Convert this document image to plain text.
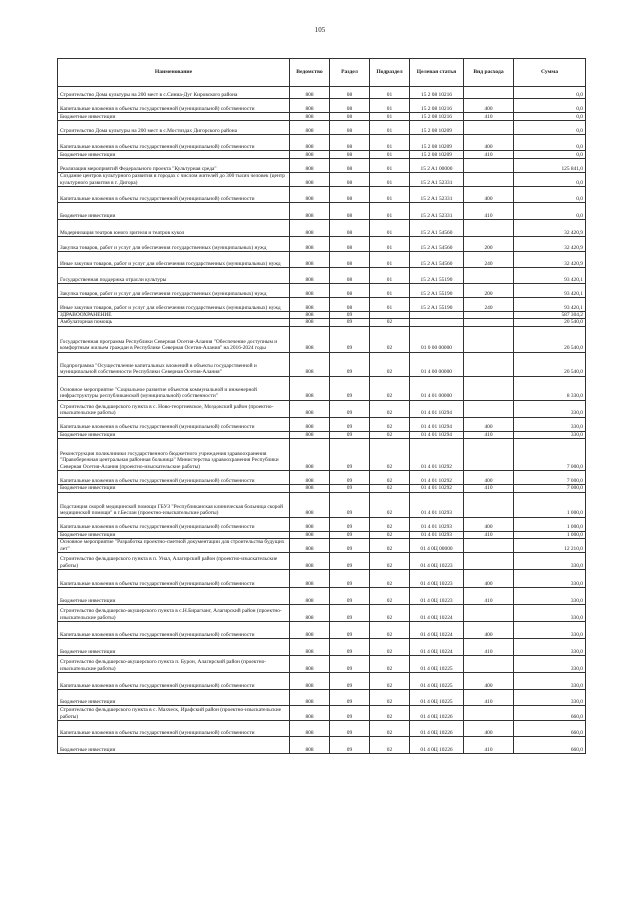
105
Наименование	Ведомство	Раздел	Подраздел	Целевая статья	Вид расхода	Сумма
Строительство Дома культуры на 200 мест в с.Синиа-Дуг Кировского района	808	08	01	15 2 08 10216		0,0
Капитальные вложения в объекты государственной (муниципальной) собственности	808	08	01	15 2 08 10216	400	0,0
Бюджетные инвестиции	808	08	01	15 2 08 10216	410	0,0
Строительство Дома культуры на 200 мест в с.Мостиздах Дигорского района	808	08	01	15 2 08 10209		0,0
Капитальные вложения в объекты государственной (муниципальной) собственности	808	08	01	15 2 08 10209	400	0,0
Бюджетные инвестиции	808	08	01	15 2 08 10209	410	0,0
Реализация мероприятий Федерального проекта "Культурная среда"	808	08	01	15 2 A1 00000		125 841,0
Создание центров культурного развития в городах с числом жителей до 300 тысяч человек (центр культурного развития в г. Дигора)	808	08	01	15 2 A1 52331		0,0
Капитальные вложения в объекты государственной (муниципальной) собственности	808	08	01	15 2 A1 52331	400	0,0
Бюджетные инвестиции	808	08	01	15 2 A1 52331	410	0,0
Модернизация театров юного зрителя и театров кукол	808	08	01	15 2 A1 54560		32 420,9
Закупка товаров, работ и услуг для обеспечения государственных (муниципальных) нужд	808	08	01	15 2 A1 54560	200	32 420,9
Иные закупки товаров, работ и услуг для обеспечения государственных (муниципальных) нужд	808	08	01	15 2 A1 54560	240	32 420,9
Государственная поддержка отрасли культуры	808	08	01	15 2 A1 55190		93 420,1
Закупка товаров, работ и услуг для обеспечения государственных (муниципальных) нужд	808	08	01	15 2 A1 55190	200	93 420,1
Иные закупки товаров, работ и услуг для обеспечения государственных (муниципальных) нужд	808	08	01	15 2 A1 55190	240	93 420,1
ЗДРАВООХРАНЕНИЕ	808	09				587 304,2
Амбулаторная помощь	808	09	02			20 540,0
Государственная программа Республики Северная Осетия-Алания "Обеспечение доступным и комфортным жильем граждан в Республике Северная Осетия-Алания" на 2016-2024 годы	808	09	02	01 0 00 00000		20 540,0
Подпрограмма "Осуществление капитальных вложений в объекты государственной и муниципальной собственности Республики Северная Осетия-Алания"	808	09	02	01 4 00 00000		20 540,0
Основное мероприятие "Социальное развитие объектов коммунальной и инженерной инфраструктуры республиканской (муниципальной) собственности"	808	09	02	01 4 01 00000		8 330,0
Строительство фельдшерского пункта в с. Ново-георгиевское, Моздокский район (проектно-изыскательские работы)	808	09	02	01 4 01 10294		330,0
Капитальные вложения в объекты государственной (муниципальной) собственности	808	09	02	01 4 01 10294	400	330,0
Бюджетные инвестиции	808	09	02	01 4 01 10294	410	330,0
Реконструкция поликлиники государственного бюджетного учреждения здравоохранения "Правобережная центральная районная больница" Министерства здравоохранения Республики Северная Осетия-Алания (проектно-изыскательские работы)	808	09	02	01 4 01 10292		7 000,0
Капитальные вложения в объекты государственной (муниципальной) собственности	808	09	02	01 4 01 10292	400	7 000,0
Бюджетные инвестиции	808	09	02	01 4 01 10292	410	7 000,0
Подстанция скорой медицинской помощи ГБУЗ "Республиканская клиническая больница скорой медицинской помощи" в г.Беслан (проектно-изыскательские работы)	808	09	02	01 4 01 10293		1 000,0
Капитальные вложения в объекты государственной (муниципальной) собственности	808	09	02	01 4 01 10293	400	1 000,0
Бюджетные инвестиции	808	09	02	01 4 01 10293	410	1 000,0
Основное мероприятие "Разработка проектно-сметной документации для строительства будущих лет"	808	09	02	01 4 0Ц 00000		12 210,0
Строительство фельдшерского пункта в п. Унал, Алагирский район (проектно-изыскательские работы)	808	09	02	01 4 0Ц 10223		330,0
Капитальные вложения в объекты государственной (муниципальной) собственности	808	09	02	01 4 0Ц 10223	400	330,0
Бюджетные инвестиции	808	09	02	01 4 0Ц 10223	410	330,0
Строительство фельдшерско-акушерского пункта в с.Н.Бирагзанг, Алагирский район (проектно-изыскательские работы)	808	09	02	01 4 0Ц 10224		330,0
Капитальные вложения в объекты государственной (муниципальной) собственности	808	09	02	01 4 0Ц 10224	400	330,0
Бюджетные инвестиции	808	09	02	01 4 0Ц 10224	410	330,0
Строительство фельдшерско-акушерского пункта п. Бурон, Алагирский район (проектно-изыскательские работы)	808	09	02	01 4 0Ц 10225		330,0
Капитальные вложения в объекты государственной (муниципальной) собственности	808	09	02	01 4 0Ц 10225	400	330,0
Бюджетные инвестиции	808	09	02	01 4 0Ц 10225	410	330,0
Строительство фельдшерского пункта в с. Махческ, Ирафский район (проектно-изыскательские работы)	808	09	02	01 4 0Ц 10226		660,0
Капитальные вложения в объекты государственной (муниципальной) собственности	808	09	02	01 4 0Ц 10226	400	660,0
Бюджетные инвестиции	808	09	02	01 4 0Ц 10226	410	660,0
